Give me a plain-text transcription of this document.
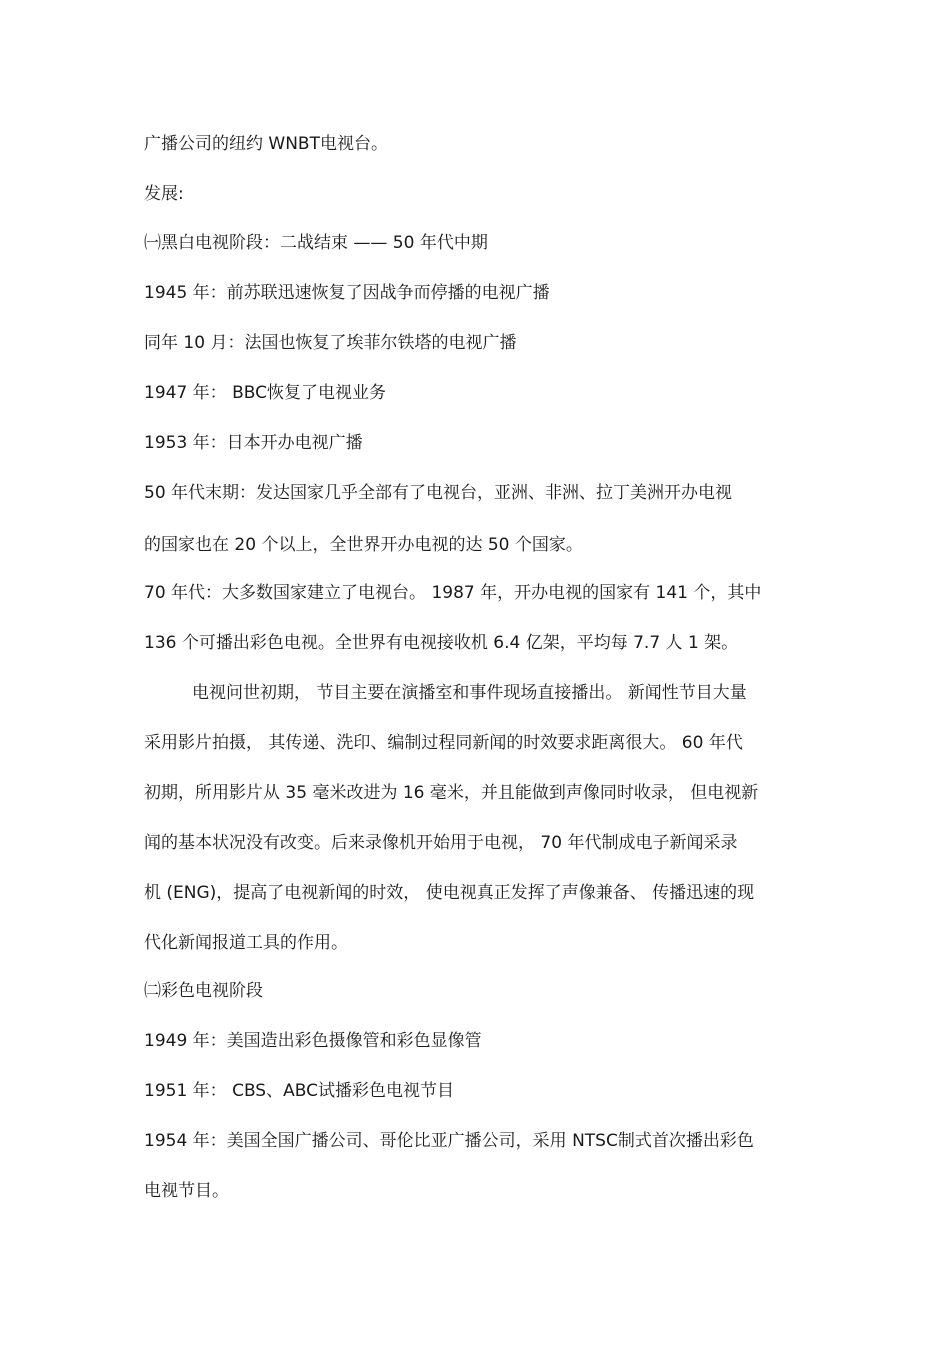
广播公司的纽约 WNBT电视台。
发展:
㈠黑白电视阶段：二战结束 —— 50 年代中期
1945 年：前苏联迅速恢复了因战争而停播的电视广播
同年 10 月：法国也恢复了埃菲尔铁塔的电视广播
1947 年： BBC恢复了电视业务
1953 年：日本开办电视广播
50 年代末期：发达国家几乎全部有了电视台，亚洲、非洲、拉丁美洲开办电视
的国家也在 20 个以上，全世界开办电视的达 50 个国家。
70 年代：大多数国家建立了电视台。 1987 年，开办电视的国家有 141 个，其中
136 个可播出彩色电视。全世界有电视接收机 6.4 亿架，平均每 7.7 人 1 架。
电视问世初期， 节目主要在演播室和事件现场直接播出。 新闻性节目大量
采用影片拍摄， 其传递、洗印、编制过程同新闻的时效要求距离很大。 60 年代
初期，所用影片从 35 毫米改进为 16 毫米，并且能做到声像同时收录， 但电视新
闻的基本状况没有改变。后来录像机开始用于电视， 70 年代制成电子新闻采录
机 (ENG)，提高了电视新闻的时效， 使电视真正发挥了声像兼备、 传播迅速的现
代化新闻报道工具的作用。
㈡彩色电视阶段
1949 年：美国造出彩色摄像管和彩色显像管
1951 年： CBS、ABC试播彩色电视节目
1954 年：美国全国广播公司、哥伦比亚广播公司，采用 NTSC制式首次播出彩色
电视节目。
